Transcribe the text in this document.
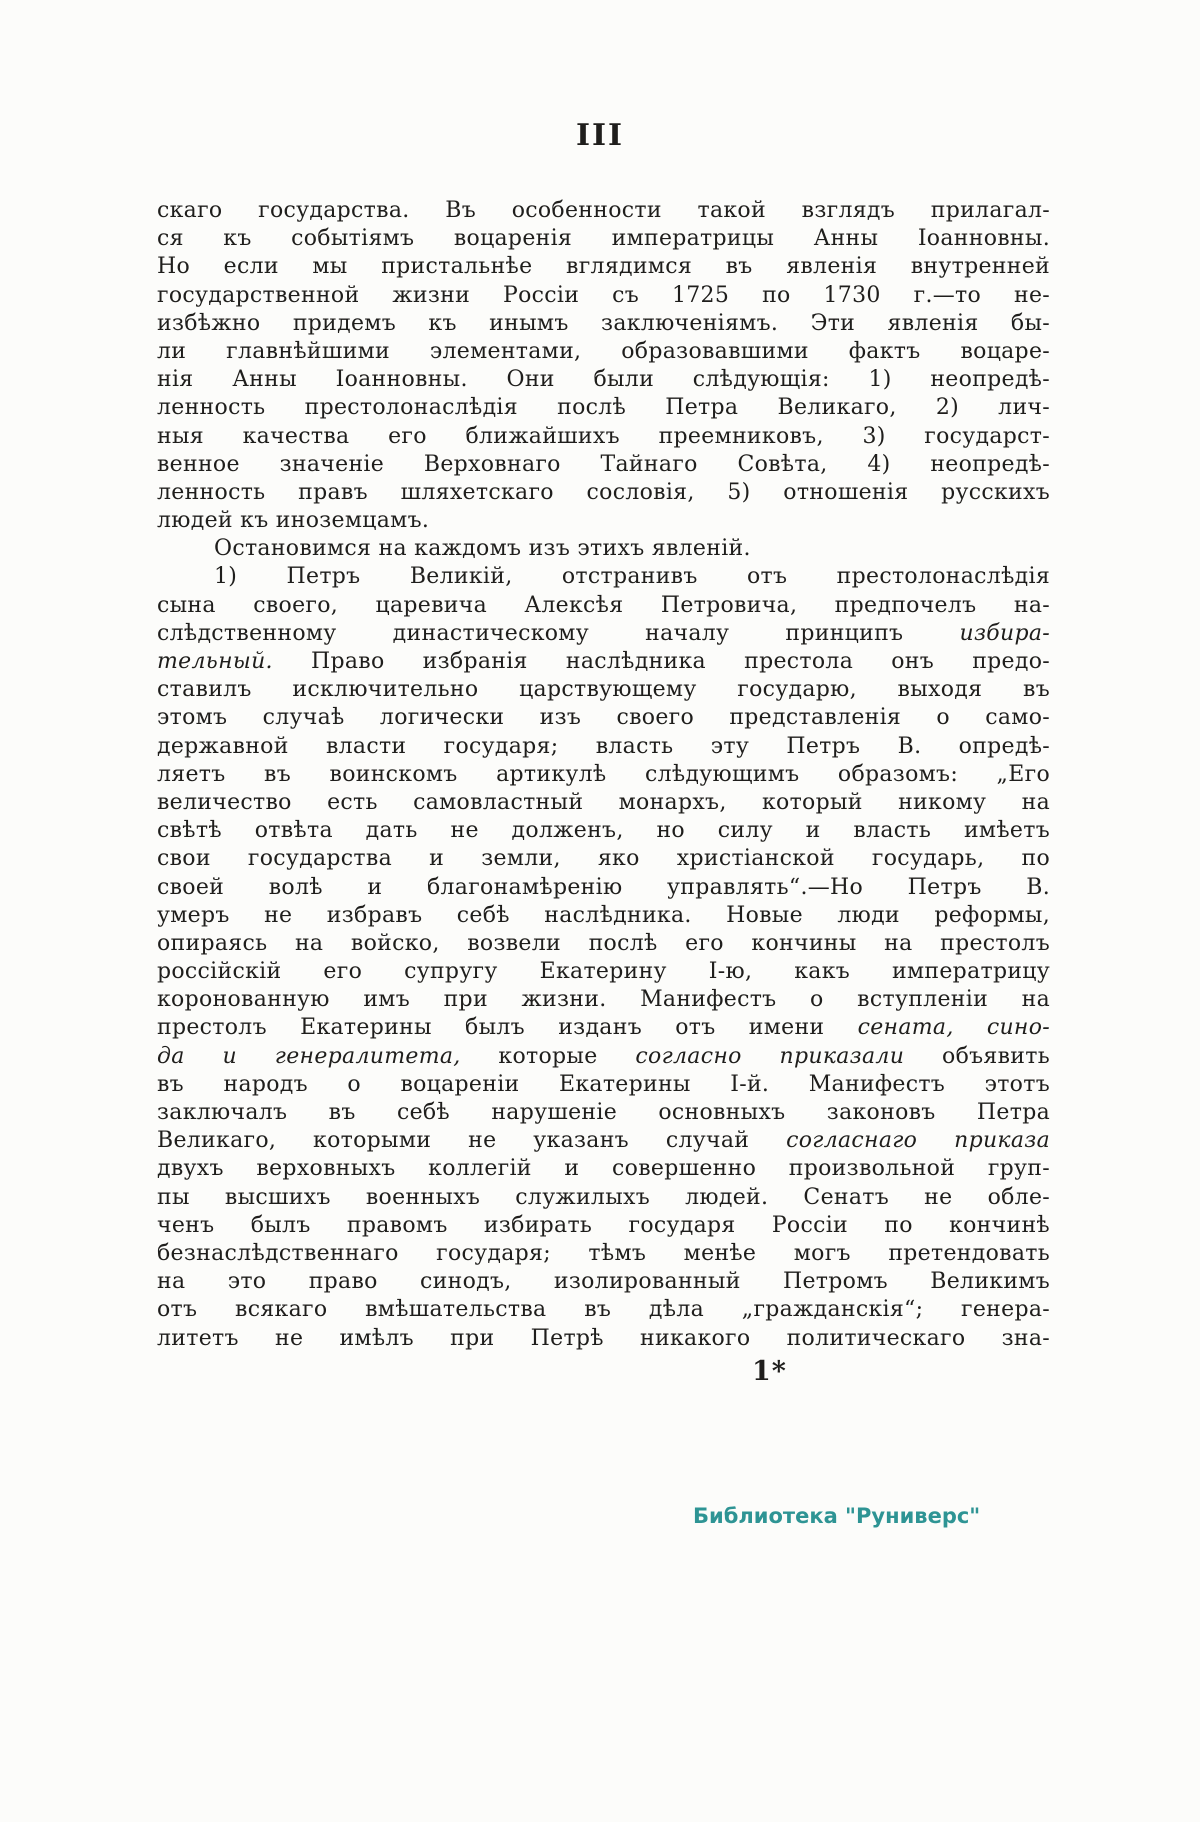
III
скаго государства. Въ особенности такой взглядъ прилагал-
ся къ событіямъ воцаренія императрицы Анны Іоанновны.
Но если мы пристальнѣе вглядимся въ явленія внутренней
государственной жизни Россіи съ 1725 по 1730 г.—то не-
избѣжно придемъ къ инымъ заключеніямъ. Эти явленія бы-
ли главнѣйшими элементами, образовавшими фактъ воцаре-
нія Анны Іоанновны. Они были слѣдующія: 1) неопредѣ-
ленность престолонаслѣдія послѣ Петра Великаго, 2) лич-
ныя качества его ближайшихъ преемниковъ, 3) государст-
венное значеніе Верховнаго Тайнаго Совѣта, 4) неопредѣ-
ленность правъ шляхетскаго сословія, 5) отношенія русскихъ
людей къ иноземцамъ.
Остановимся на каждомъ изъ этихъ явленій.
1) Петръ Великій, отстранивъ отъ престолонаслѣдія
сына своего, царевича Алексѣя Петровича, предпочелъ на-
слѣдственному династическому началу принципъ избира-
тельный. Право избранія наслѣдника престола онъ предо-
ставилъ исключительно царствующему государю, выходя въ
этомъ случаѣ логически изъ своего представленія о само-
державной власти государя; власть эту Петръ В. опредѣ-
ляетъ въ воинскомъ артикулѣ слѣдующимъ образомъ: „Его
величество есть самовластный монархъ, который никому на
свѣтѣ отвѣта дать не долженъ, но силу и власть имѣетъ
свои государства и земли, яко христіанской государь, по
своей волѣ и благонамѣренію управлять“.—Но Петръ В.
умеръ не избравъ себѣ наслѣдника. Новые люди реформы,
опираясь на войско, возвели послѣ его кончины на престолъ
россійскій его супругу Екатерину I-ю, какъ императрицу
коронованную имъ при жизни. Манифестъ о вступленіи на
престолъ Екатерины былъ изданъ отъ имени сената, сино-
да и генералитета, которые согласно приказали объявить
въ народъ о воцареніи Екатерины I-й. Манифестъ этотъ
заключалъ въ себѣ нарушеніе основныхъ законовъ Петра
Великаго, которыми не указанъ случай согласнаго приказа
двухъ верховныхъ коллегій и совершенно произвольной груп-
пы высшихъ военныхъ служилыхъ людей. Сенатъ не обле-
ченъ былъ правомъ избирать государя Россіи по кончинѣ
безнаслѣдственнаго государя; тѣмъ менѣе могъ претендовать
на это право синодъ, изолированный Петромъ Великимъ
отъ всякаго вмѣшательства въ дѣла „гражданскія“; генера-
литетъ не имѣлъ при Петрѣ никакого политическаго зна-
1*
Библиотека "Руниверс"
